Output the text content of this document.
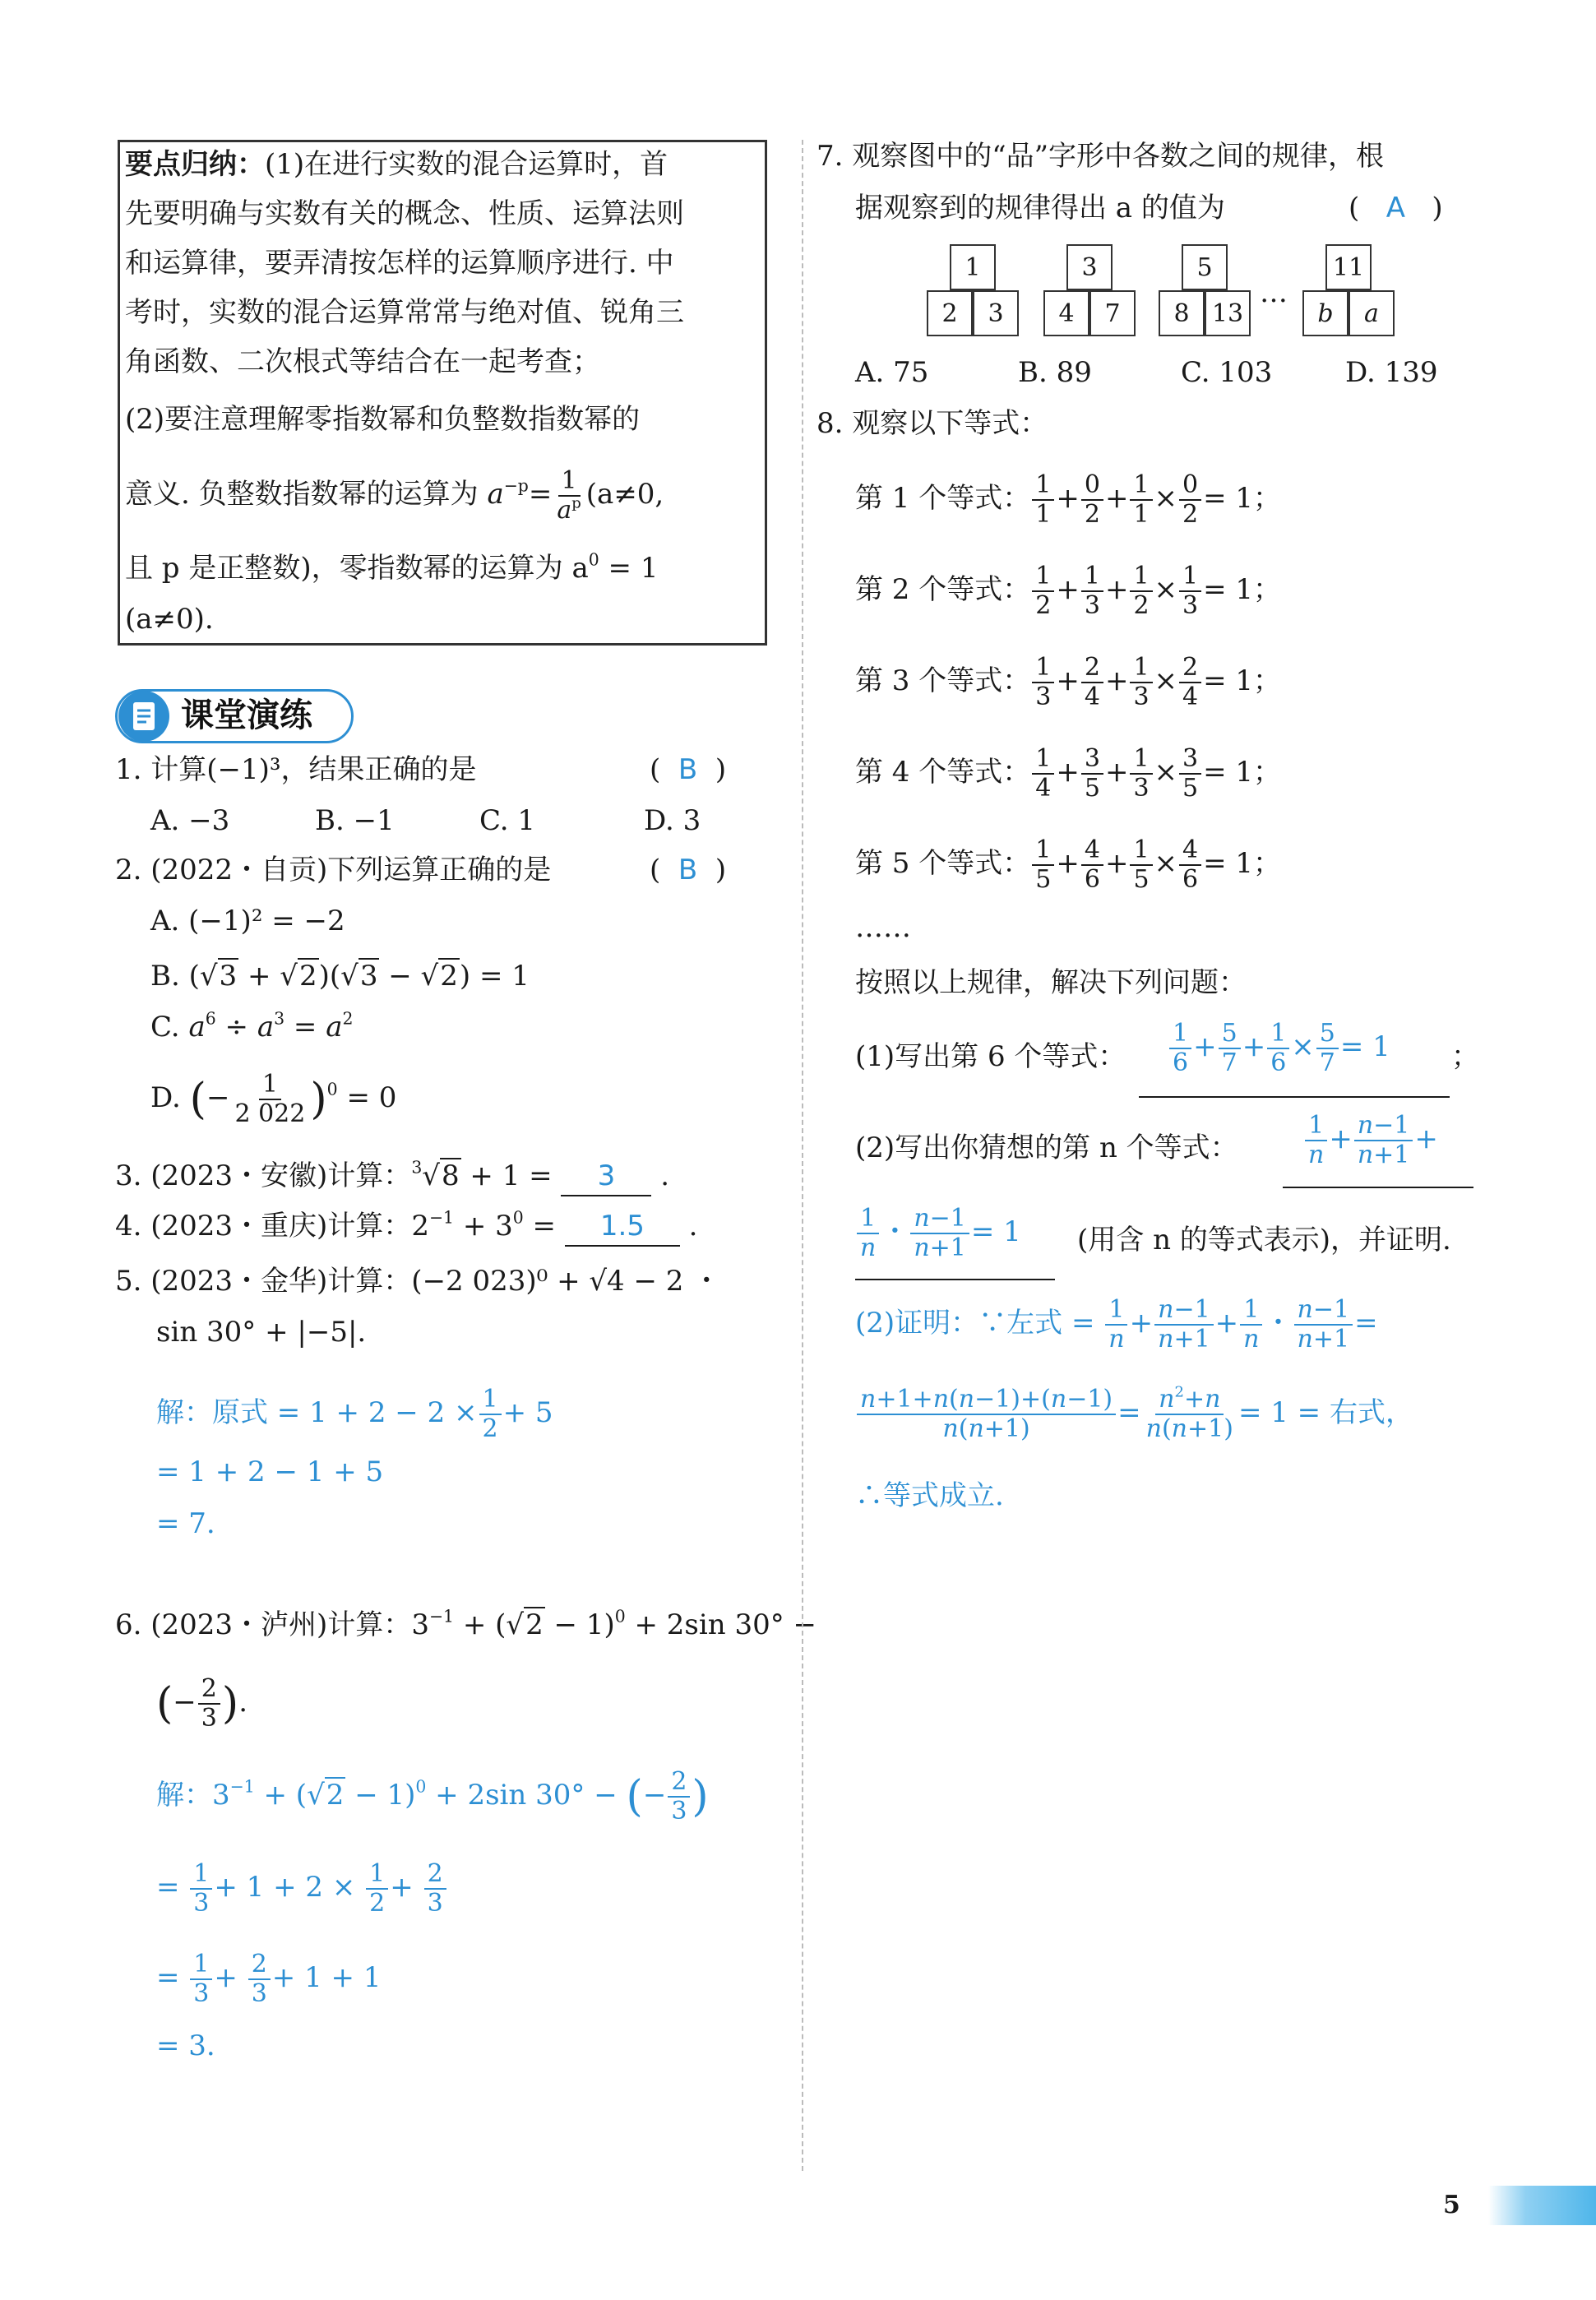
要点归纳：(1)在进行实数的混合运算时，首
先要明确与实数有关的概念、性质、运算法则
和运算律，要弄清按怎样的运算顺序进行. 中
考时，实数的混合运算常常与绝对值、锐角三
角函数、二次根式等结合在一起考查；
(2)要注意理解零指数幂和负整数指数幂的
意义. 负整数指数幂的运算为 $a^{-p}= \frac{1}{a^p} (a\ne 0$,
且 p 是正整数)，零指数幂的运算为 $a^0 = 1$
(a≠0).
课堂演练
1. 计算(−1)³，结果正确的是	(  B  )
A. −3	B. −1	C. 1	D. 3
2. (2022・自贡)下列运算正确的是	(  B  )
A. (−1)² = −2
B. (√3 + √2)(√3 − √2) = 1
C. $a^6 \div a^3 = a^2$
D. (− $\frac{1}{2 022} )^0 = 0$
3. (2023・安徽)计算：$^3$√8 + 1 = 3 .
4. (2023・重庆)计算：$2^{-1} + 3^0 = 1.5$ .
5. (2023・金华)计算：(−2 023)⁰ + √4 − 2 ・
sin 30° + |−5|.
解：原式 = $1 + 2 - 2 \times \frac{1}{2} + 5$
= 1 + 2 − 1 + 5
= 7.
6. (2023・泸州)计算：$3^{-1} + (√2 - 1)^0 + 2\sin$ 30° −
(− $\frac{2}{3}$ ).
解：$3^{-1} + (√2 - 1)^0 + 2\sin$ 30° − (− $\frac{2}{3}$ )
= $\frac{1}{3} + 1 + 2 \times \frac{1}{2} + \frac{2}{3}$
= $\frac{1}{3} + \frac{2}{3} + 1 + 1$
= 3.
7. 观察图中的“品”字形中各数之间的规律，根
据观察到的规律得出 a 的值为	(   A   )
1
2	3
3
4	7
5
8 13
…
11
b	a
A. 75	B. 89	C. 103	D. 139
8. 观察以下等式：
第 1 个等式： $\frac{1}{1} + \frac{0}{2} + \frac{1}{1} \times \frac{0}{2} = 1$；
第 2 个等式： $\frac{1}{2} + \frac{1}{3} + \frac{1}{2} \times \frac{1}{3} = 1$；
第 3 个等式： $\frac{1}{3} + \frac{2}{4} + \frac{1}{3} \times \frac{2}{4} = 1$；
第 4 个等式： $\frac{1}{4} + \frac{3}{5} + \frac{1}{3} \times \frac{3}{5} = 1$；
第 5 个等式： $\frac{1}{5} + \frac{4}{6} + \frac{1}{5} \times \frac{4}{6} = 1$；
……
按照以上规律，解决下列问题：
(1)写出第 6 个等式： $\frac{1}{6} + \frac{5}{7} + \frac{1}{6} \times \frac{5}{7} = 1$ ；
(2)写出你猜想的第 n 个等式：	$\frac{1}{n} + \frac{n-1}{n+1}$ +
$\frac{1}{n}$ ・ $\frac{n-1}{n+1} = 1$ (用含 n 的等式表示)，并证明.
(2)证明：∵左式 = $\frac{1}{n} + \frac{n-1}{n+1} + \frac{1}{n}$ ・ $\frac{n-1}{n+1}$ =
$\frac{n+1+n(n-1)+(n-1)}{n(n+1)} = \frac{n^2+n}{n(n+1)} = 1$ = 右式，
∴等式成立.
5
